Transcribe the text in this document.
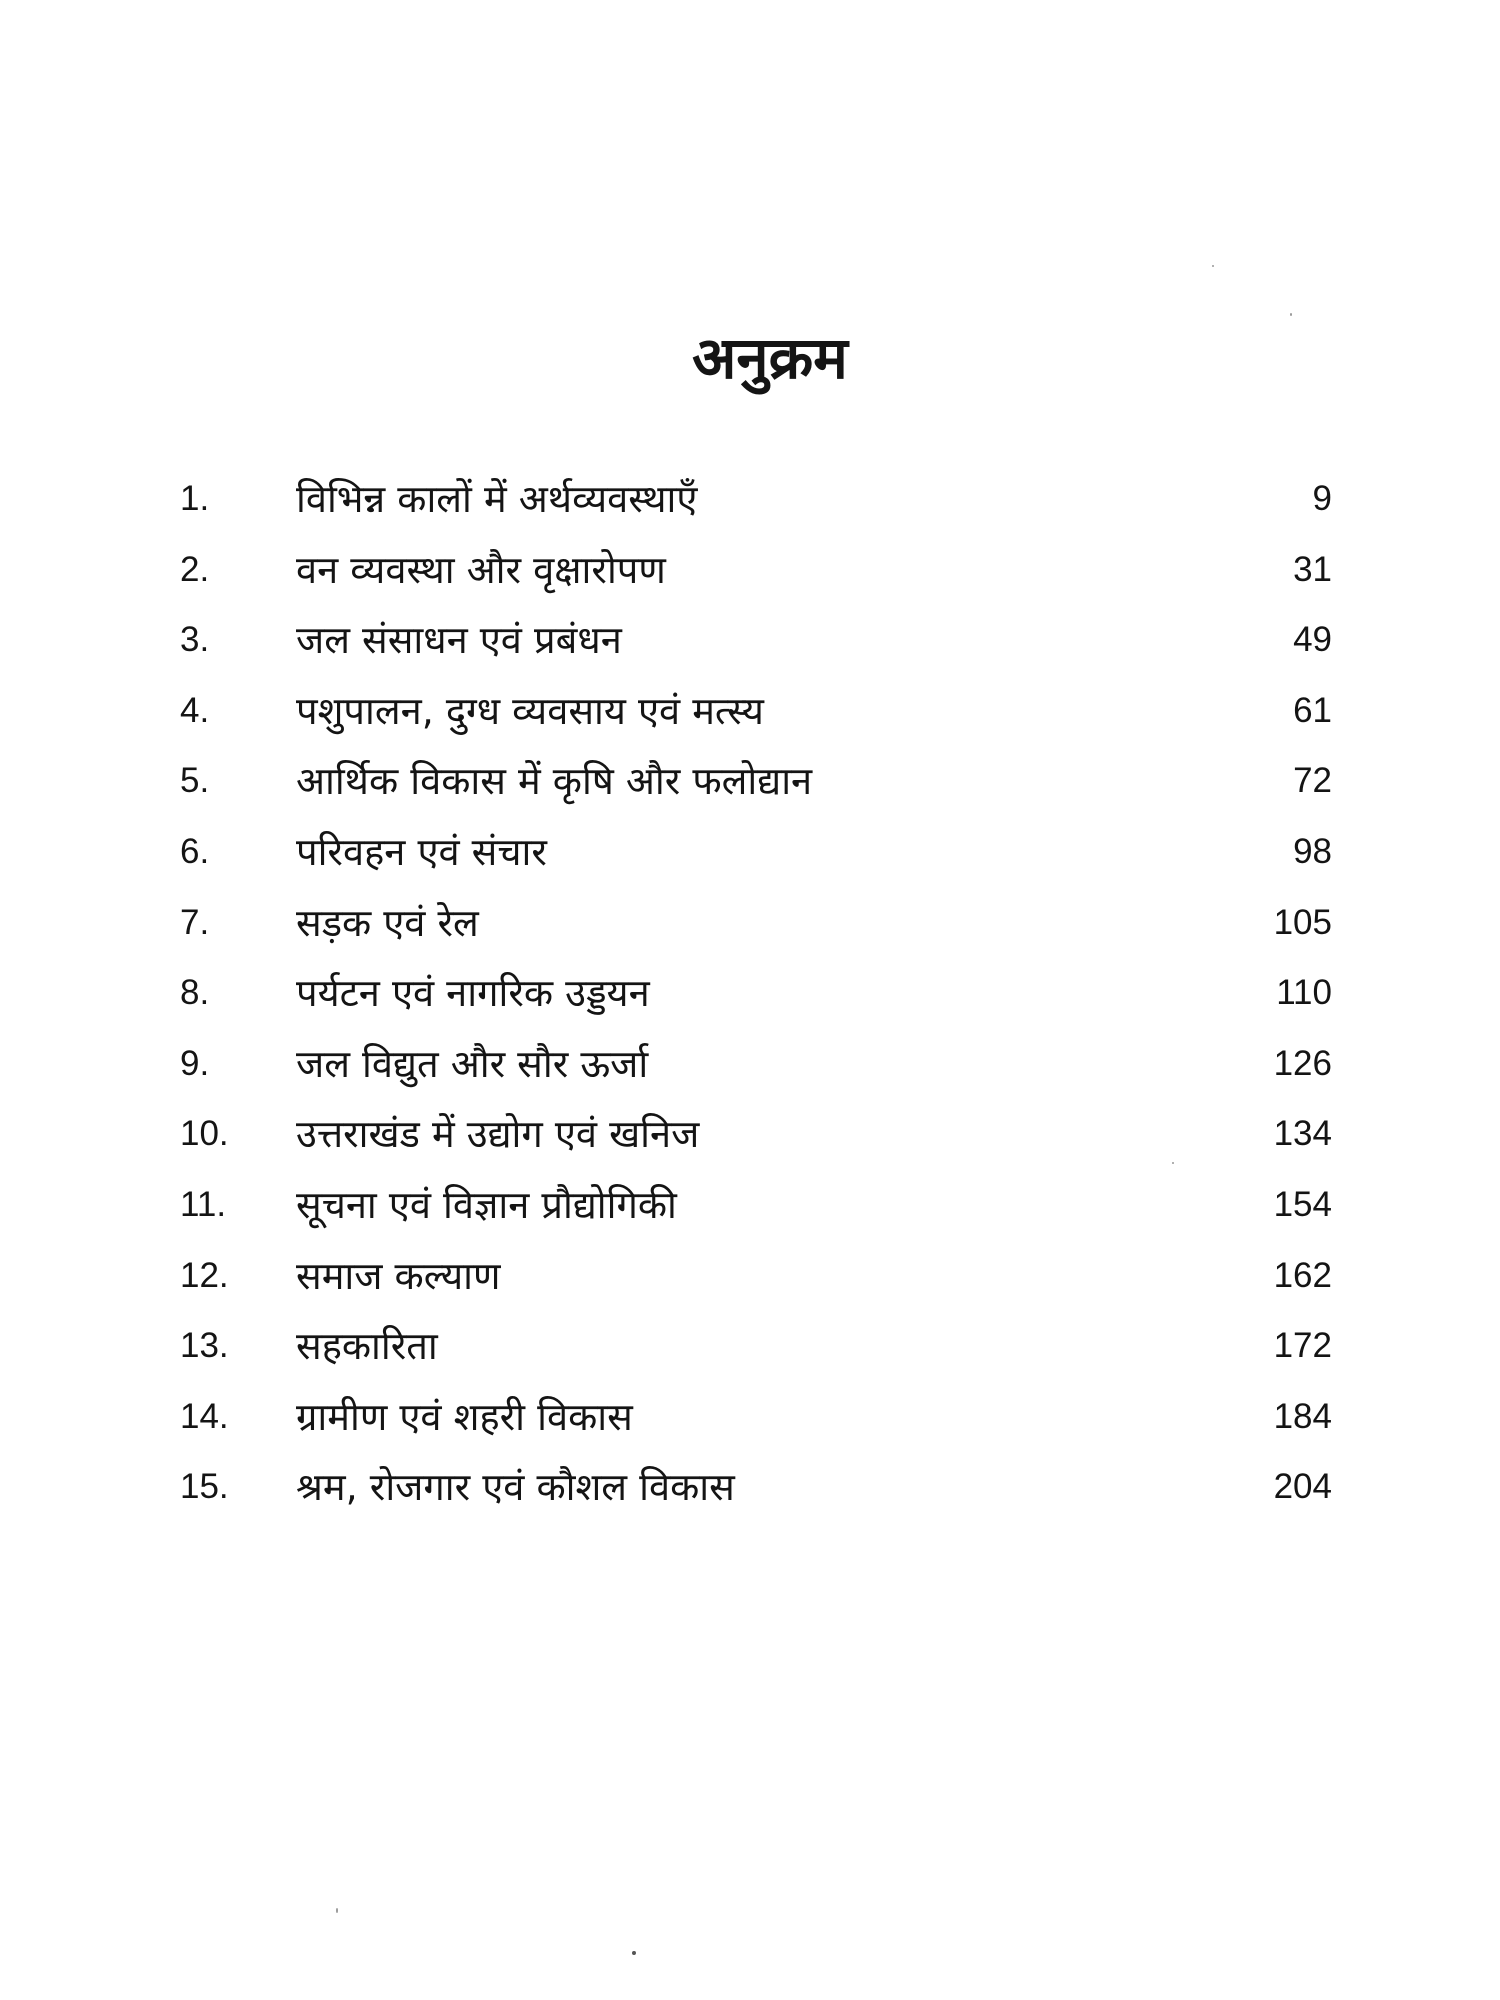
अनुक्रम
1. विभिन्न कालों में अर्थव्यवस्थाएँ	9
2. वन व्यवस्था और वृक्षारोपण	31
3. जल संसाधन एवं प्रबंधन	49
4. पशुपालन, दुग्ध व्यवसाय एवं मत्स्य	61
5. आर्थिक विकास में कृषि और फलोद्यान	72
6. परिवहन एवं संचार	98
7. सड़क एवं रेल	105
8. पर्यटन एवं नागरिक उड्डयन	110
9. जल विद्युत और सौर ऊर्जा	126
10. उत्तराखंड में उद्योग एवं खनिज	134
11. सूचना एवं विज्ञान प्रौद्योगिकी	154
12. समाज कल्याण	162
13. सहकारिता	172
14. ग्रामीण एवं शहरी विकास	184
15. श्रम, रोजगार एवं कौशल विकास	204
